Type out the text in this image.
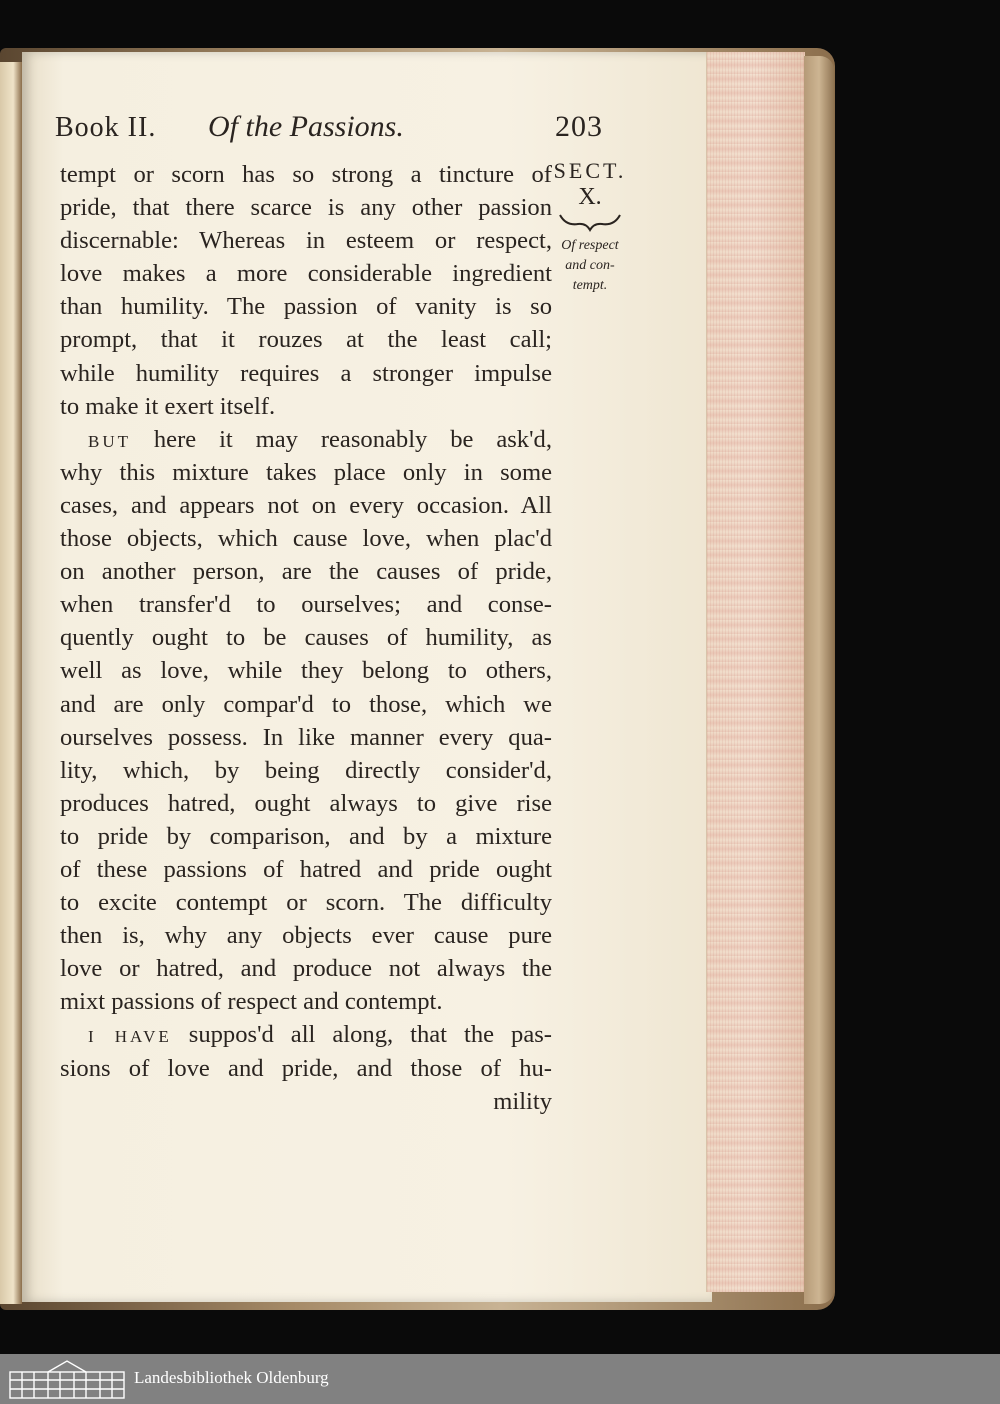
Book II. Of the Passions.	203
SECT.
X.
Of respect
and con-
tempt.
tempt or scorn has so strong a tincture of
pride, that there scarce is any other passion
discernable: Whereas in esteem or respect,
love makes a more considerable ingredient
than humility. The passion of vanity is so
prompt, that it rouzes at the least call;
while humility requires a stronger impulse
to make it exert itself.
BUT here it may reasonably be ask'd,
why this mixture takes place only in some
cases, and appears not on every occasion. All
those objects, which cause love, when plac'd
on another person, are the causes of pride,
when transfer'd to ourselves; and conse-
quently ought to be causes of humility, as
well as love, while they belong to others,
and are only compar'd to those, which we
ourselves possess. In like manner every qua-
lity, which, by being directly consider'd,
produces hatred, ought always to give rise
to pride by comparison, and by a mixture
of these passions of hatred and pride ought
to excite contempt or scorn. The difficulty
then is, why any objects ever cause pure
love or hatred, and produce not always the
mixt passions of respect and contempt.
I HAVE suppos'd all along, that the pas-
sions of love and pride, and those of hu-
mility
Landesbibliothek Oldenburg
